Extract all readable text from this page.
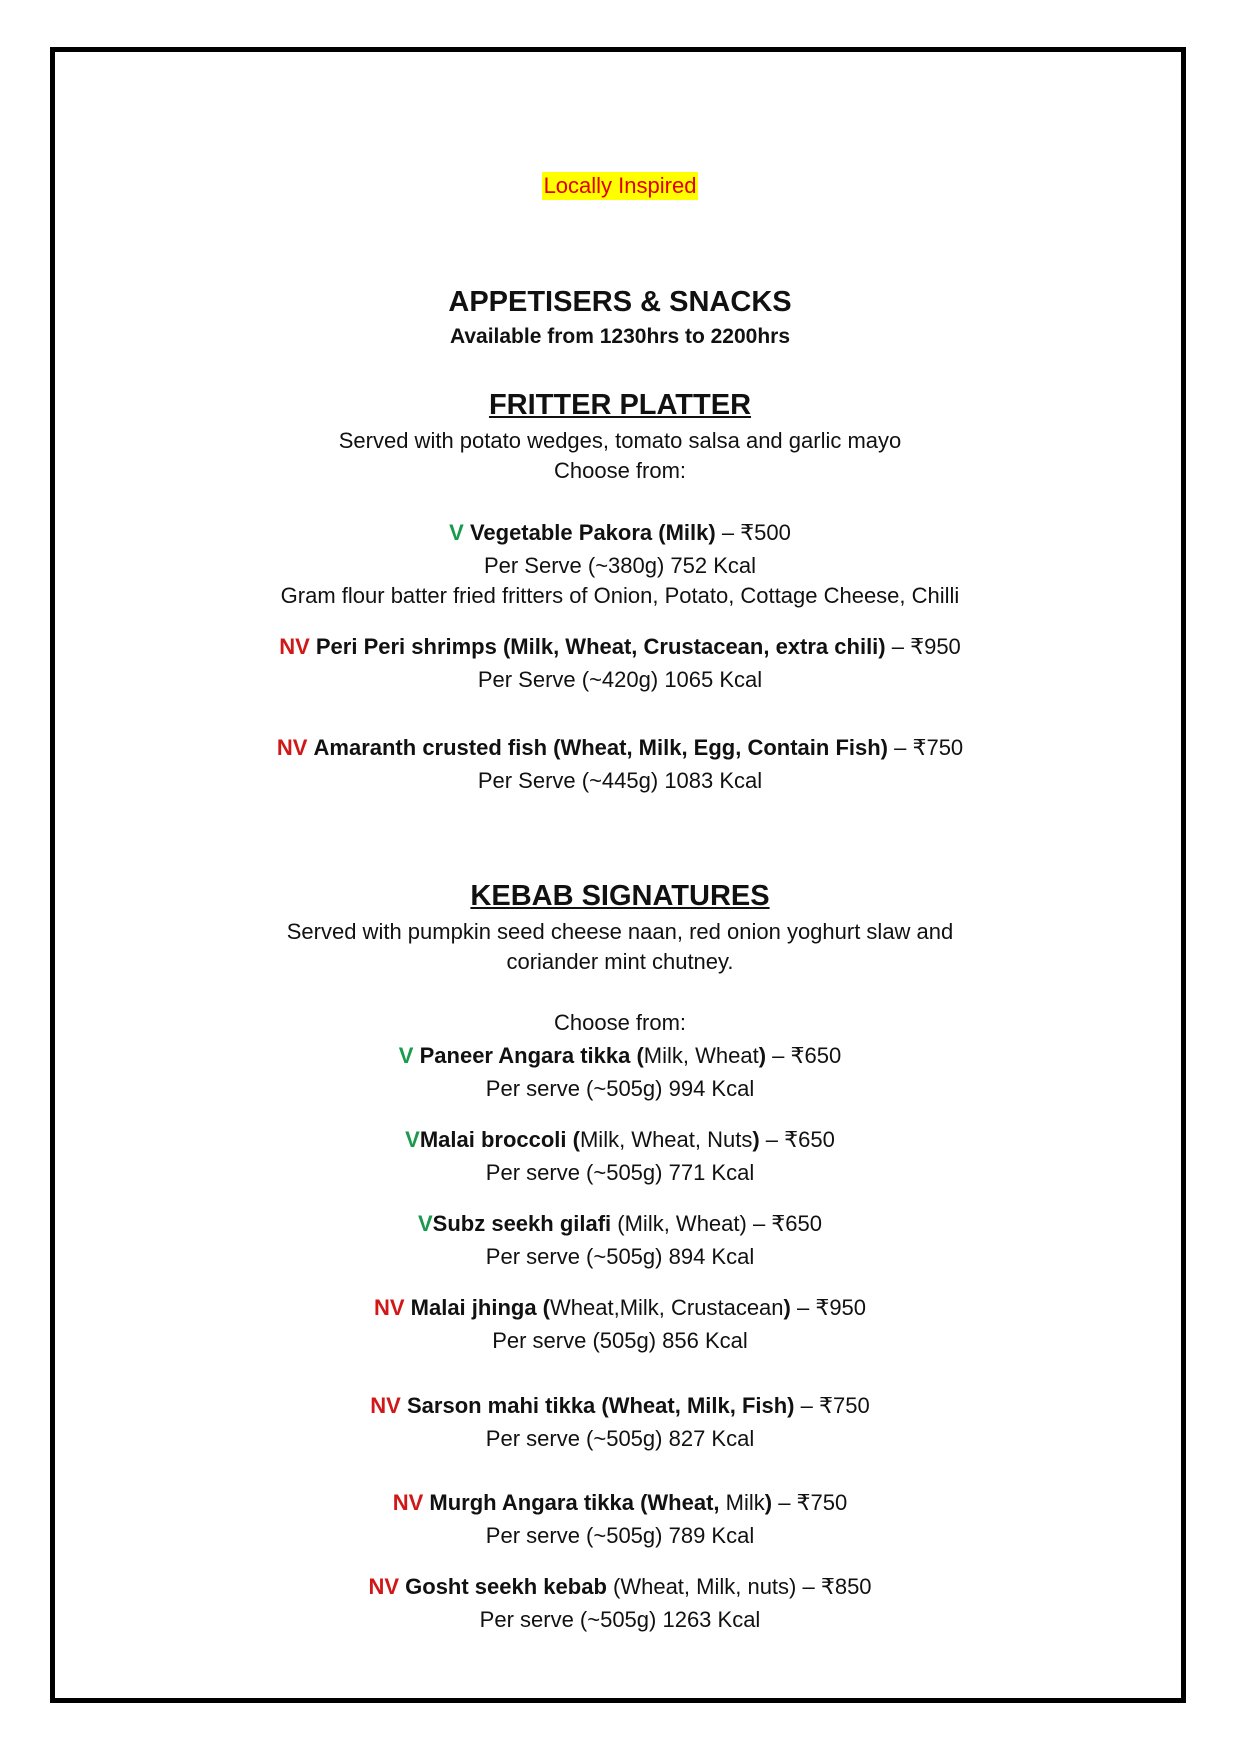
Locally Inspired
APPETISERS & SNACKS
Available from 1230hrs to 2200hrs
FRITTER PLATTER
Served with potato wedges, tomato salsa and garlic mayo
Choose from:
V Vegetable Pakora (Milk) – ₹500
Per Serve (~380g) 752 Kcal
Gram flour batter fried fritters of Onion, Potato, Cottage Cheese, Chilli
NV Peri Peri shrimps (Milk, Wheat, Crustacean, extra chili) – ₹950
Per Serve (~420g) 1065 Kcal
NV Amaranth crusted fish (Wheat, Milk, Egg, Contain Fish) – ₹750
Per Serve (~445g) 1083 Kcal
KEBAB SIGNATURES
Served with pumpkin seed cheese naan, red onion yoghurt slaw and
coriander mint chutney.
Choose from:
V Paneer Angara tikka (Milk, Wheat) – ₹650
Per serve (~505g) 994 Kcal
VMalai broccoli (Milk, Wheat, Nuts) – ₹650
Per serve (~505g) 771 Kcal
VSubz seekh gilafi (Milk, Wheat) – ₹650
Per serve (~505g) 894 Kcal
NV Malai jhinga (Wheat,Milk, Crustacean) – ₹950
Per serve (505g) 856 Kcal
NV Sarson mahi tikka (Wheat, Milk, Fish) – ₹750
Per serve (~505g) 827 Kcal
NV Murgh Angara tikka (Wheat, Milk) – ₹750
Per serve (~505g) 789 Kcal
NV Gosht seekh kebab (Wheat, Milk, nuts) – ₹850
Per serve (~505g) 1263 Kcal
